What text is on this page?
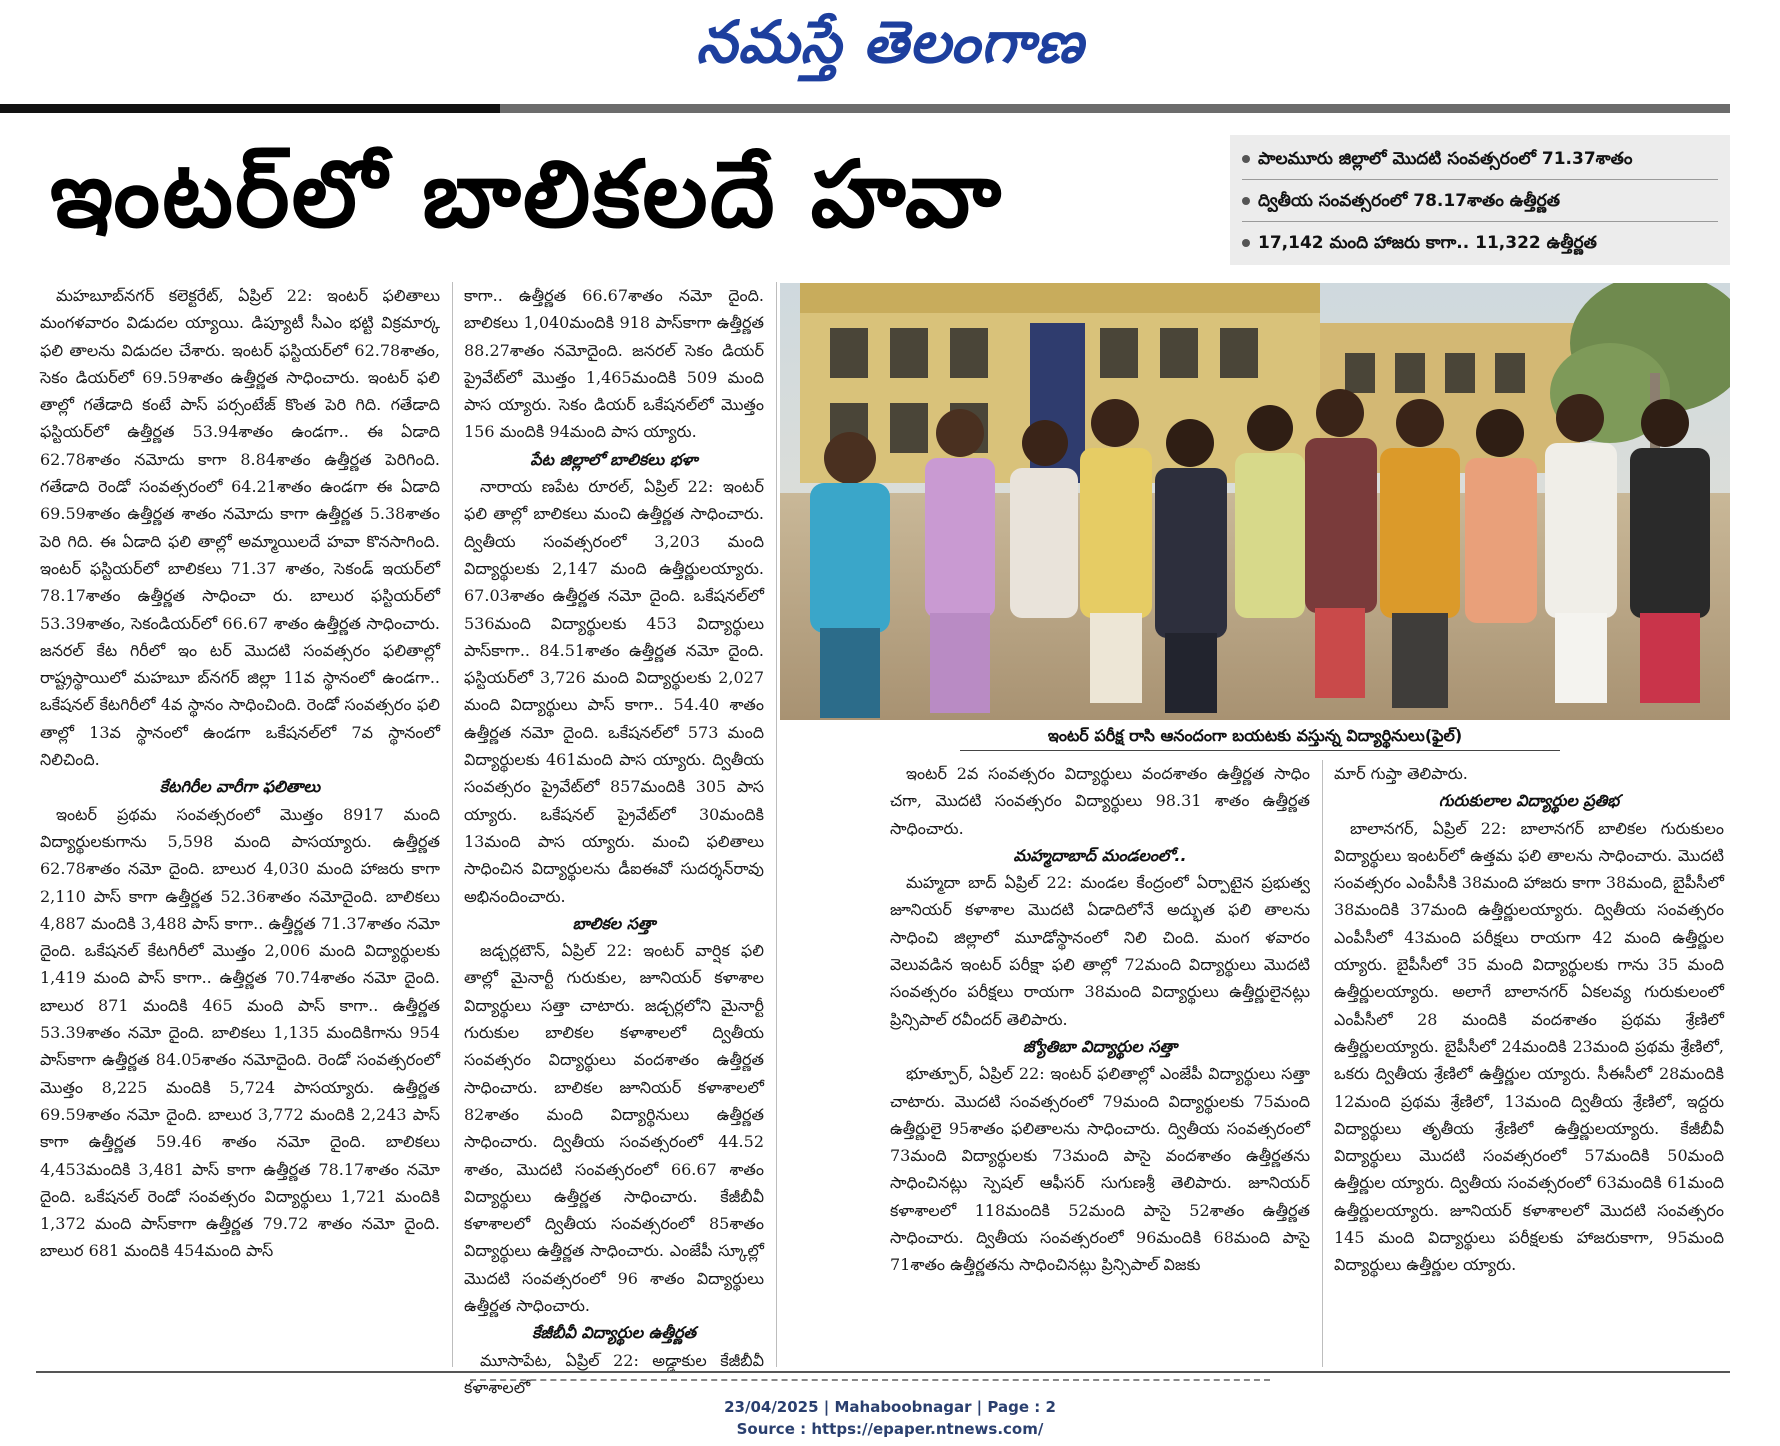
నమస్తే తెలంగాణ
ఇంటర్‌లో బాలికలదే హవా	పాలమూరు జిల్లాలో మొదటి సంవత్సరంలో 71.37శాతం
ద్వితీయ సంవత్సరంలో 78.17శాతం ఉత్తీర్ణత
17,142 మంది హాజరు కాగా.. 11,322 ఉత్తీర్ణత

మహబూబ్‌నగర్ కలెక్టరేట్, ఏప్రిల్ 22: ఇంటర్ ఫలితాలు మంగళవారం విడుదల య్యాయి. డిప్యూటీ సీఎం భట్టి విక్రమార్క ఫలి తాలను విడుదల చేశారు. ఇంటర్ ఫస్టియర్‌లో 62.78శాతం, సెకం డియర్‌లో 69.59శాతం ఉత్తీర్ణత సాధించారు. ఇంటర్ ఫలి తాల్లో గతేడాది కంటే పాస్ పర్సంటేజ్ కొంత పెరి గిది. గతేడాది ఫస్టియర్‌లో ఉత్తీర్ణత 53.94శాతం ఉండగా.. ఈ ఏడాది 62.78శాతం నమోదు కాగా 8.84శాతం ఉత్తీర్ణత పెరిగింది. గతేడాది రెండో సంవత్సరంలో 64.21శాతం ఉండగా ఈ ఏడాది 69.59శాతం ఉత్తీర్ణత శాతం నమోదు కాగా ఉత్తీర్ణత 5.38శాతం పెరి గిది. ఈ ఏడాది ఫలి తాల్లో అమ్మాయిలదే హవా కొనసాగింది. ఇంటర్ ఫస్టియర్‌లో బాలికలు 71.37 శాతం, సెకండ్ ఇయర్‌లో 78.17శాతం ఉత్తీర్ణత సాధించా రు. బాలుర ఫస్టియర్‌లో 53.39శాతం, సెకండియర్‌లో 66.67 శాతం ఉత్తీర్ణత సాధించారు. జనరల్ కేట గిరీలో ఇం టర్ మొదటి సంవత్సరం ఫలితాల్లో రాష్ట్రస్థాయిలో మహబూ బ్‌నగర్ జిల్లా 11వ స్థానంలో ఉండగా.. ఒకేషనల్ కేటగిరీలో 4వ స్థానం సాధించింది. రెండో సంవత్సరం ఫలి తాల్లో 13వ స్థానంలో ఉండగా ఒకేషనల్‌లో 7వ స్థానంలో నిలిచింది.

కేటగిరీల వారీగా ఫలితాలు

ఇంటర్ ప్రథమ సంవత్సరంలో మొత్తం 8917 మంది విద్యార్థులకుగాను 5,598 మంది పాసయ్యారు. ఉత్తీర్ణత 62.78శాతం నమో దైంది. బాలుర 4,030 మంది హాజరు కాగా 2,110 పాస్ కాగా ఉత్తీర్ణత 52.36శాతం నమోదైంది. బాలికలు 4,887 మందికి 3,488 పాస్ కాగా.. ఉత్తీర్ణత 71.37శాతం నమో దైంది. ఒకేషనల్ కేటగిరీలో మొత్తం 2,006 మంది విద్యార్థులకు 1,419 మంది పాస్ కాగా.. ఉత్తీర్ణత 70.74శాతం నమో దైంది. బాలుర 871 మందికి 465 మంది పాస్ కాగా.. ఉత్తీర్ణత 53.39శాతం నమో దైంది. బాలికలు 1,135 మందికిగాను 954 పాస్‌కాగా ఉత్తీర్ణత 84.05శాతం నమోదైంది. రెండో సంవత్సరంలో మొత్తం 8,225 మందికి 5,724 పాసయ్యారు. ఉత్తీర్ణత 69.59శాతం నమో దైంది. బాలుర 3,772 మందికి 2,243 పాస్ కాగా ఉత్తీర్ణత 59.46 శాతం నమో దైంది. బాలికలు 4,453మందికి 3,481 పాస్ కాగా ఉత్తీర్ణత 78.17శాతం నమో దైంది. ఒకేషనల్ రెండో సంవత్సరం విద్యార్థులు 1,721 మందికి 1,372 మంది పాస్‌కాగా ఉత్తీర్ణత 79.72 శాతం నమో దైంది. బాలుర 681 మందికి 454మంది పాస్

కాగా.. ఉత్తీర్ణత 66.67శాతం నమో దైంది. బాలికలు 1,040మందికి 918 పాస్‌కాగా ఉత్తీర్ణత 88.27శాతం నమోదైంది. జనరల్ సెకం డియర్ ప్రైవేట్‌లో మొత్తం 1,465మందికి 509 మంది పాస య్యారు. సెకం డియర్ ఒకేషనల్‌లో మొత్తం 156 మందికి 94మంది పాస య్యారు.

పేట జిల్లాలో బాలికలు భళా

నారాయ ణపేట రూరల్, ఏప్రిల్ 22: ఇంటర్ ఫలి తాల్లో బాలికలు మంచి ఉత్తీర్ణత సాధించారు. ద్వితీయ సంవత్సరంలో 3,203 మంది విద్యార్థులకు 2,147 మంది ఉత్తీర్ణులయ్యారు. 67.03శాతం ఉత్తీర్ణత నమో దైంది. ఒకేషనల్‌లో 536మంది విద్యార్థులకు 453 విద్యార్థులు పాస్‌కాగా.. 84.51శాతం ఉత్తీర్ణత నమో దైంది. ఫస్టియర్‌లో 3,726 మంది విద్యార్థులకు 2,027 మంది విద్యార్థులు పాస్ కాగా.. 54.40 శాతం ఉత్తీర్ణత నమో దైంది. ఒకేషనల్‌లో 573 మంది విద్యార్థులకు 461మంది పాస య్యారు. ద్వితీయ సంవత్సరం ప్రైవేట్‌లో 857మందికి 305 పాస య్యారు. ఒకేషనల్ ప్రైవేట్‌లో 30మందికి 13మంది పాస య్యారు. మంచి ఫలితాలు సాధించిన విద్యార్థులను డీఐఈవో సుదర్శన్‌రావు అభినందించారు.

బాలికల సత్తా

జడ్చర్లటౌన్, ఏప్రిల్ 22: ఇంటర్ వార్షిక ఫలి తాల్లో మైనార్టీ గురుకుల, జూనియర్ కళాశాల విద్యార్థులు సత్తా చాటారు. జడ్చర్లలోని మైనార్టీ గురుకుల బాలికల కళాశాలలో ద్వితీయ సంవత్సరం విద్యార్థులు వందశాతం ఉత్తీర్ణత సాధించారు. బాలికల జూనియర్ కళాశాలలో 82శాతం మంది విద్యార్థినులు ఉత్తీర్ణత సాధించారు. ద్వితీయ సంవత్సరంలో 44.52 శాతం, మొదటి సంవత్సరంలో 66.67 శాతం విద్యార్థులు ఉత్తీర్ణత సాధించారు. కేజీబీవీ కళాశాలలో ద్వితీయ సంవత్సరంలో 85శాతం విద్యార్థులు ఉత్తీర్ణత సాధించారు. ఎంజేపీ స్కూల్లో మొదటి సంవత్సరంలో 96 శాతం విద్యార్థులు ఉత్తీర్ణత సాధించారు.

కేజీబీవీ విద్యార్థుల ఉత్తీర్ణత

మూసాపేట, ఏప్రిల్ 22: అడ్డాకుల కేజీబీవీ కళాశాలలో

ఇంటర్ పరీక్ష రాసి ఆనందంగా బయటకు వస్తున్న విద్యార్థినులు(ఫైల్)

ఇంటర్ 2వ సంవత్సరం విద్యార్థులు వందశాతం ఉత్తీర్ణత సాధిం చగా, మొదటి సంవత్సరం విద్యార్థులు 98.31 శాతం ఉత్తీర్ణత సాధించారు.

మహ్మదాబాద్ మండలంలో..

మహ్మదా బాద్ ఏప్రిల్ 22: మండల కేంద్రంలో ఏర్పాటైన ప్రభుత్వ జూనియర్ కళాశాల మొదటి ఏడాదిలోనే అద్భుత ఫలి తాలను సాధించి జిల్లాలో మూడోస్థానంలో నిలి చింది. మంగ ళవారం వెలువడిన ఇంటర్ పరీక్షా ఫలి తాల్లో 72మంది విద్యార్థులు మొదటి సంవత్సరం పరీక్షలు రాయగా 38మంది విద్యార్థులు ఉత్తీర్ణులైనట్లు ప్రిన్సిపాల్ రవీందర్ తెలిపారు.

జ్యోతిబా విద్యార్థుల సత్తా

భూత్పూర్, ఏప్రిల్ 22: ఇంటర్ ఫలితాల్లో ఎంజేపీ విద్యార్థులు సత్తా చాటారు. మొదటి సంవత్సరంలో 79మంది విద్యార్థులకు 75మంది ఉత్తీర్ణులై 95శాతం ఫలితాలను సాధించారు. ద్వితీయ సంవత్సరంలో 73మంది విద్యార్థులకు 73మంది పాసై వందశాతం ఉత్తీర్ణతను సాధించినట్లు స్పెషల్ ఆఫీసర్ సుగుణశ్రీ తెలిపారు. జూనియర్ కళాశాలలో 118మందికి 52మంది పాసై 52శాతం ఉత్తీర్ణత సాధించారు. ద్వితీయ సంవత్సరంలో 96మందికి 68మంది పాసై 71శాతం ఉత్తీర్ణతను సాధించినట్లు ప్రిన్సిపాల్ విజకు

మార్ గుప్తా తెలిపారు.

గురుకులాల విద్యార్థుల ప్రతిభ

బాలానగర్, ఏప్రిల్ 22: బాలానగర్ బాలికల గురుకులం విద్యార్థులు ఇంటర్‌లో ఉత్తమ ఫలి తాలను సాధించారు. మొదటి సంవత్సరం ఎంపీసీకి 38మంది హాజరు కాగా 38మంది, బైపీసీలో 38మందికి 37మంది ఉత్తీర్ణులయ్యారు. ద్వితీయ సంవత్సరం ఎంపీసీలో 43మంది పరీక్షలు రాయగా 42 మంది ఉత్తీర్ణుల య్యారు. బైపీసీలో 35 మంది విద్యార్థులకు గాను 35 మంది ఉత్తీర్ణులయ్యారు. అలాగే బాలానగర్ ఏకలవ్య గురుకులంలో ఎంపీసీలో 28 మందికి వందశాతం ప్రథమ శ్రేణిలో ఉత్తీర్ణులయ్యారు. బైపీసీలో 24మందికి 23మంది ప్రథమ శ్రేణిలో, ఒకరు ద్వితీయ శ్రేణిలో ఉత్తీర్ణుల య్యారు. సీఈసీలో 28మందికి 12మంది ప్రథమ శ్రేణిలో, 13మంది ద్వితీయ శ్రేణిలో, ఇద్దరు విద్యార్థులు తృతీయ శ్రేణిలో ఉత్తీర్ణులయ్యారు. కేజీబీవీ విద్యార్థులు మొదటి సంవత్సరంలో 57మందికి 50మంది ఉత్తీర్ణుల య్యారు. ద్వితీయ సంవత్సరంలో 63మందికి 61మంది ఉత్తీర్ణులయ్యారు. జూనియర్ కళాశాలలో మొదటి సంవత్సరం 145 మంది విద్యార్థులు పరీక్షలకు హాజరుకాగా, 95మంది విద్యార్థులు ఉత్తీర్ణుల య్యారు.

23/04/2025 | Mahaboobnagar | Page : 2
Source : https://epaper.ntnews.com/
